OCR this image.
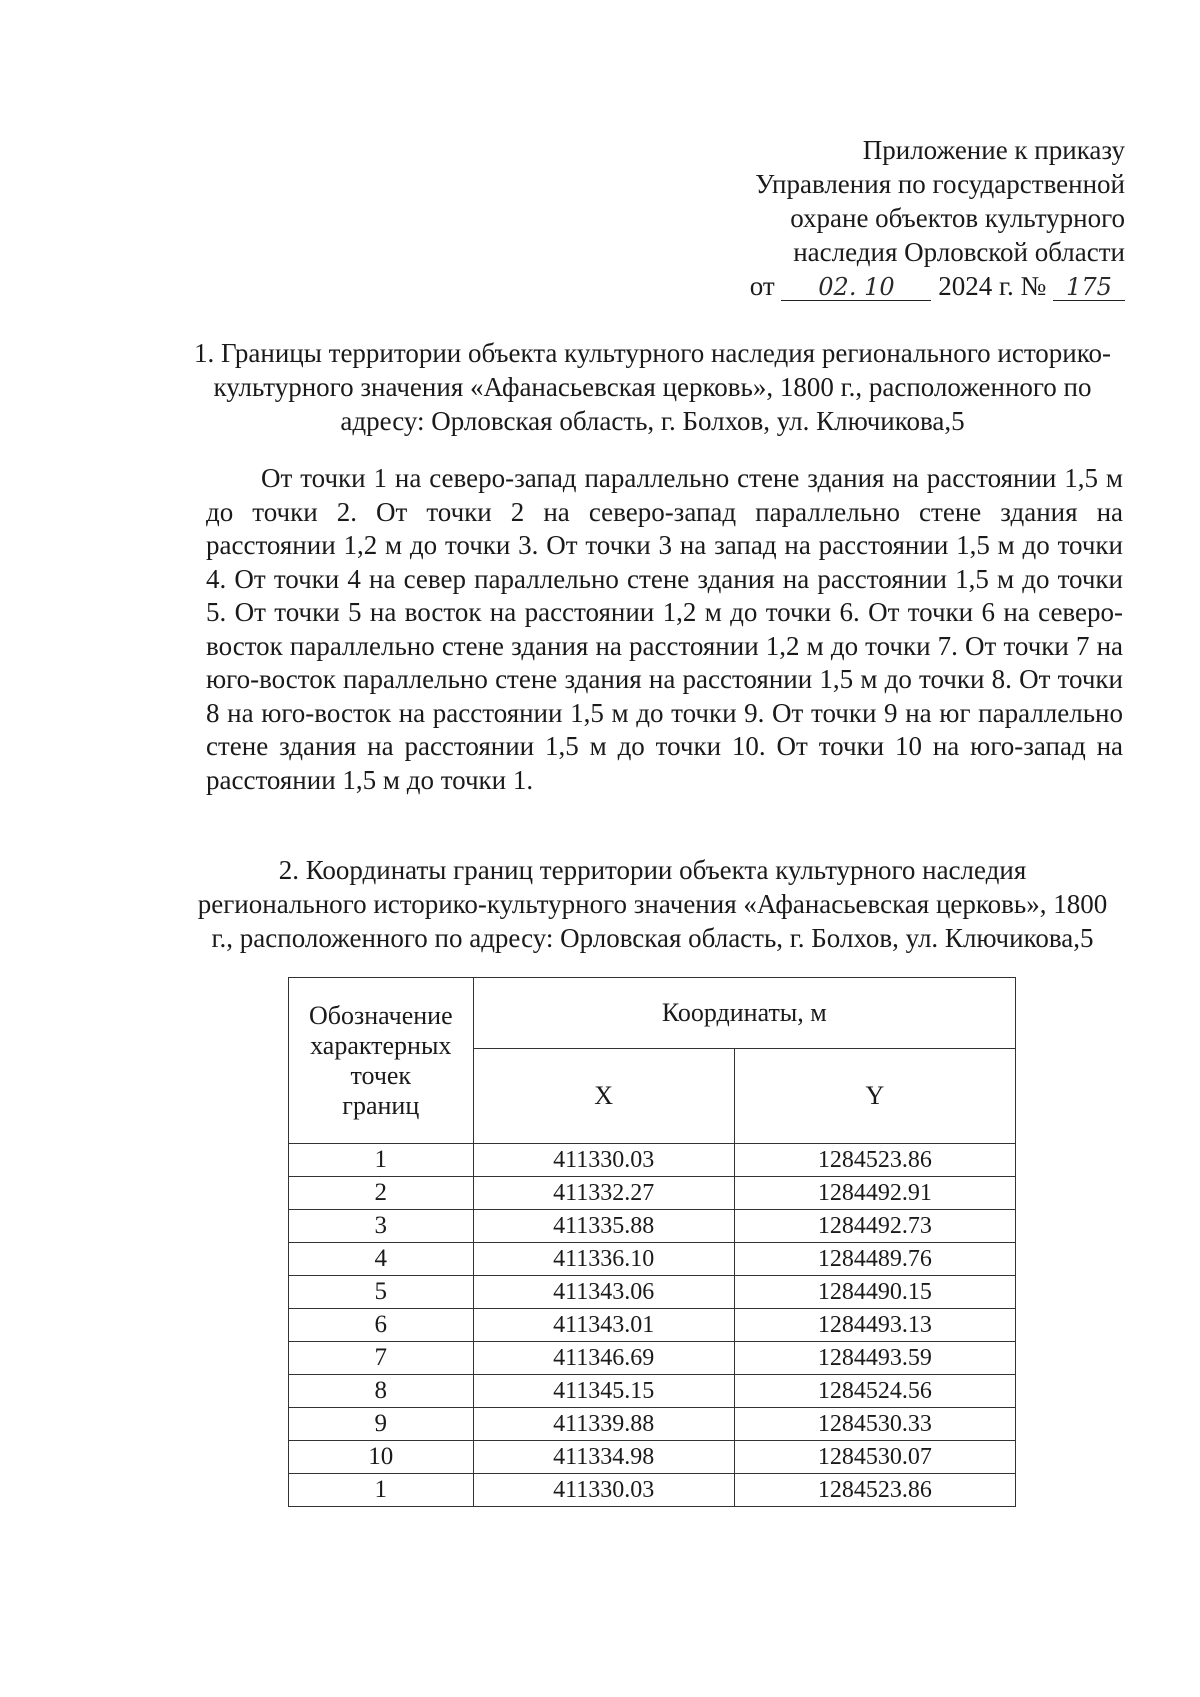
Приложение к приказу
Управления по государственной
охране объектов культурного
наследия Орловской области
от 02. 10 2024 г. № 175
1. Границы территории объекта культурного наследия регионального историко-
культурного значения «Афанасьевская церковь», 1800 г., расположенного по
адресу: Орловская область, г. Болхов, ул. Ключикова,5
От точки 1 на северо-запад параллельно стене здания на расстоянии 1,5 м до точки 2. От точки 2 на северо-запад параллельно стене здания на расстоянии 1,2 м до точки 3. От точки 3 на запад на расстоянии 1,5 м до точки 4. От точки 4 на север параллельно стене здания на расстоянии 1,5 м до точки 5. От точки 5 на восток на расстоянии 1,2 м до точки 6. От точки 6 на северо-восток параллельно стене здания на расстоянии 1,2 м до точки 7. От точки 7 на юго-восток параллельно стене здания на расстоянии 1,5 м до точки 8. От точки 8 на юго-восток на расстоянии 1,5 м до точки 9. От точки 9 на юг параллельно стене здания на расстоянии 1,5 м до точки 10. От точки 10 на юго-запад на расстоянии 1,5 м до точки 1.
2. Координаты границ территории объекта культурного наследия
регионального историко-культурного значения «Афанасьевская церковь», 1800
г., расположенного по адресу: Орловская область, г. Болхов, ул. Ключикова,5
Обозначение
характерных
точек
границ	Координаты, м	
	X	Y
1	411330.03	1284523.86
2	411332.27	1284492.91
3	411335.88	1284492.73
4	411336.10	1284489.76
5	411343.06	1284490.15
6	411343.01	1284493.13
7	411346.69	1284493.59
8	411345.15	1284524.56
9	411339.88	1284530.33
10	411334.98	1284530.07
1	411330.03	1284523.86
